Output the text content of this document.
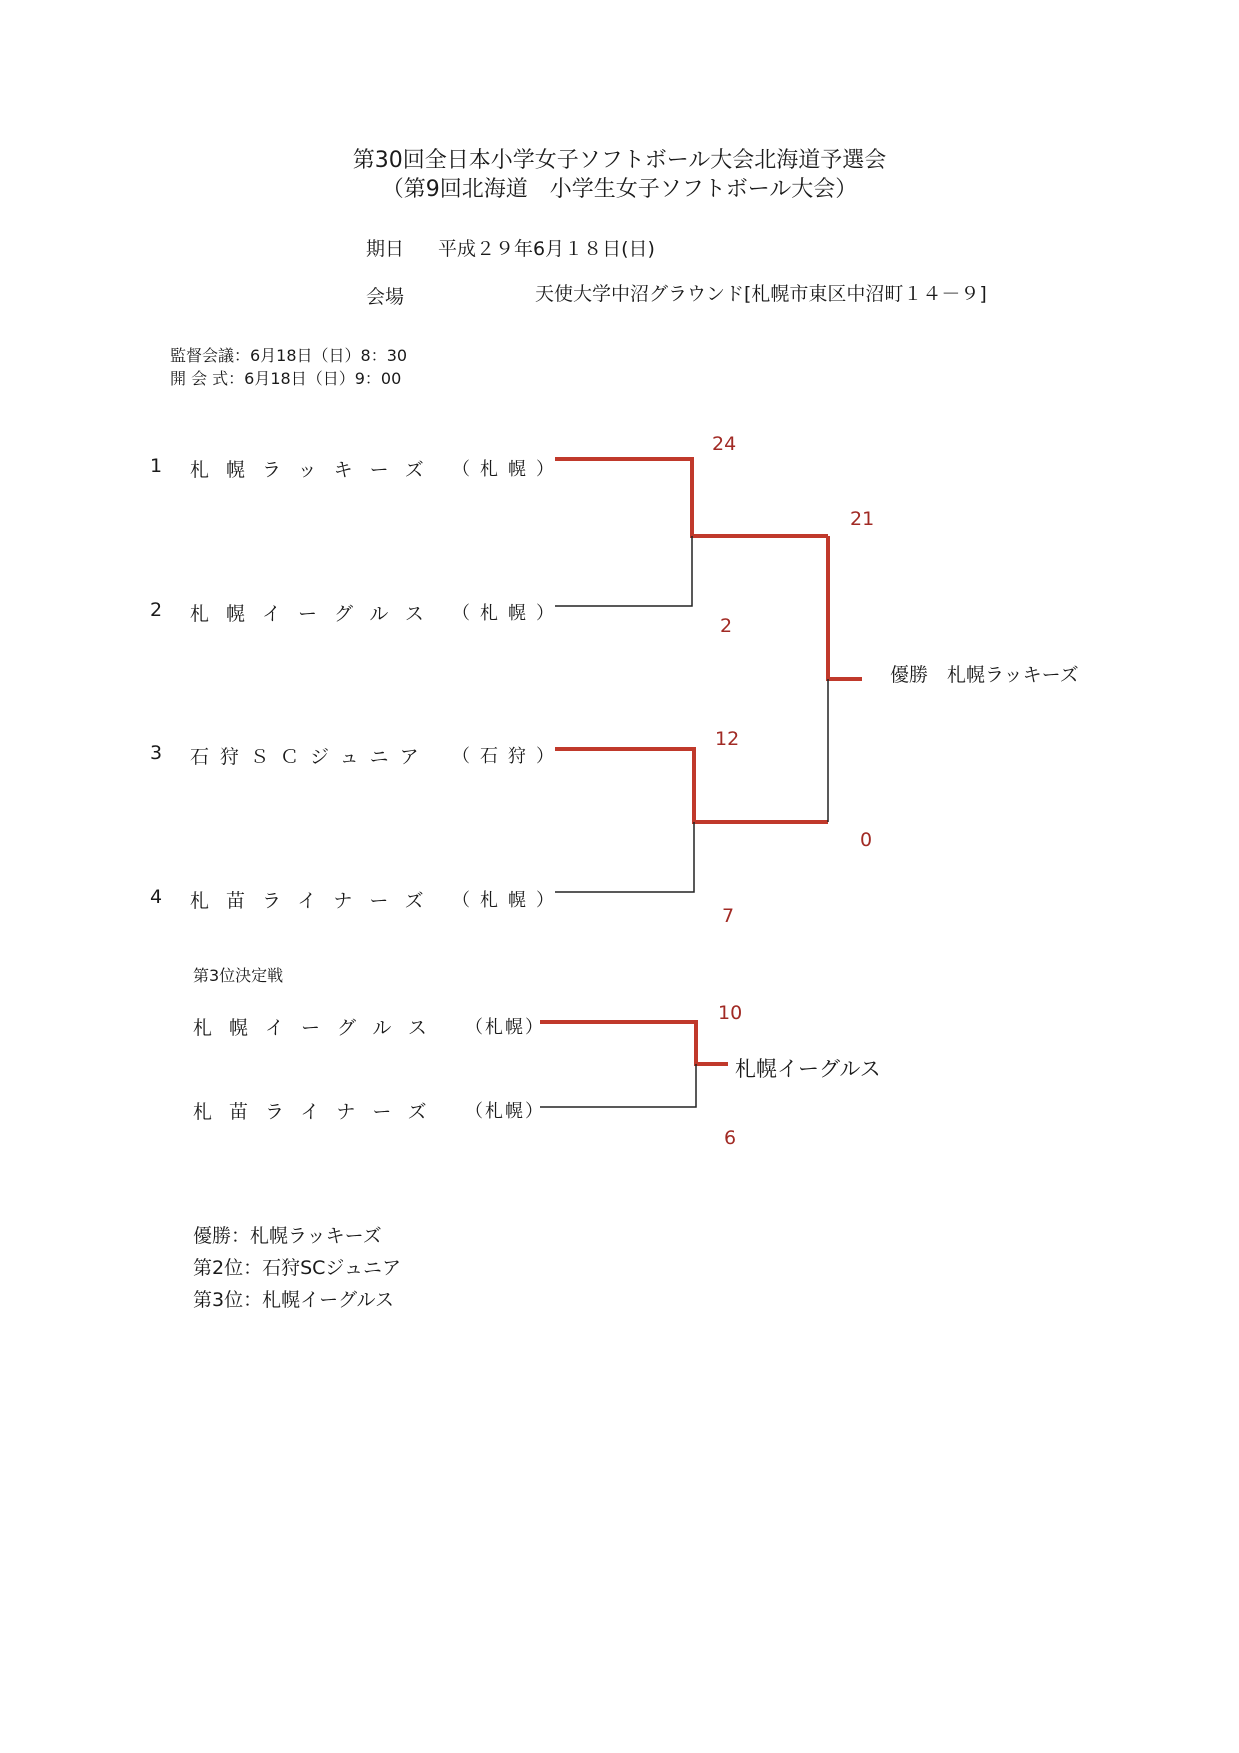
第30回全日本小学女子ソフトボール大会北海道予選会
（第9回北海道　小学生女子ソフトボール大会）
期日 平成２９年6月１８日(日)
会場	天使大学中沼グラウンド[札幌市東区中沼町１４－９]
監督会議：6月18日（日）8：30
開 会 式：6月18日（日）9：00
1 札幌ラッキーズ （札幌）
2 札幌イーグルス （札幌）
3 石狩ＳＣジュニア （石狩）
4 札苗ライナーズ （札幌）
24
2
21
12
0
7
優勝　札幌ラッキーズ
第3位決定戦
札幌イーグルス （札幌）
札苗ライナーズ （札幌）
10
6
札幌イーグルス
優勝：札幌ラッキーズ
第2位：石狩SCジュニア
第3位：札幌イーグルス
